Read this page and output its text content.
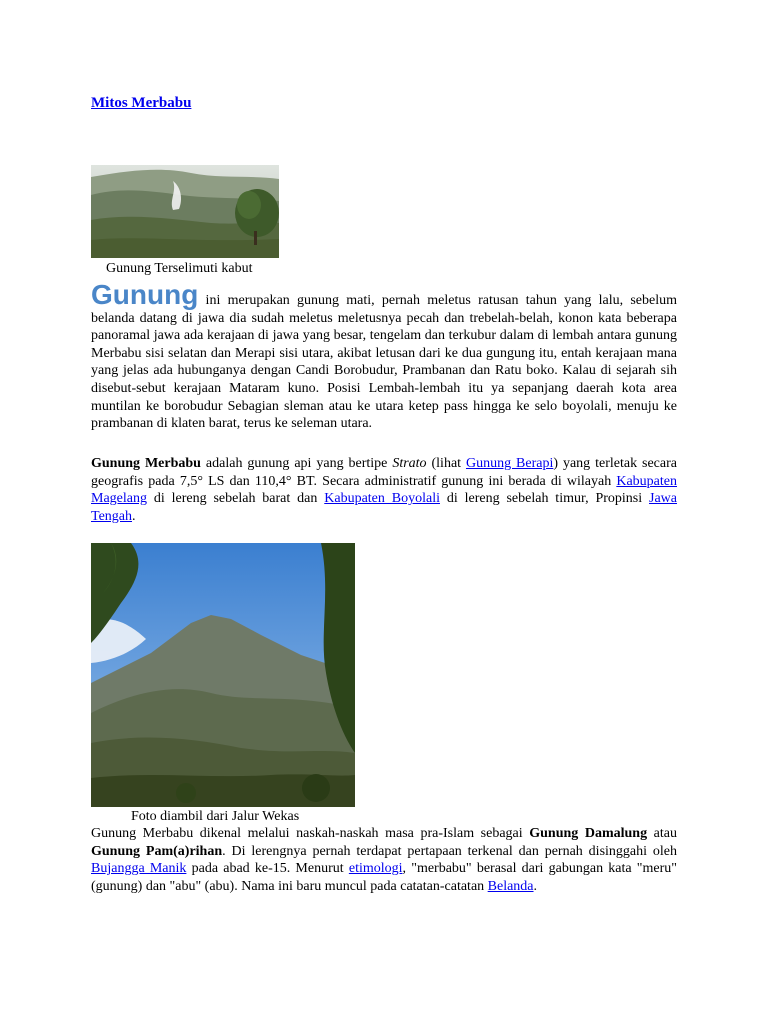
Mitos Merbabu
Gunung Terselimuti kabut
Gunung ini merupakan gunung mati, pernah meletus ratusan tahun yang lalu, sebelum belanda datang di jawa dia sudah meletus meletusnya pecah dan trebelah-belah, konon kata beberapa panoramal jawa ada kerajaan di jawa yang besar, tengelam dan terkubur dalam di lembah antara gunung Merbabu sisi selatan dan Merapi sisi utara, akibat letusan dari ke dua gungung itu, entah kerajaan mana yang jelas ada hubunganya dengan Candi Borobudur, Prambanan dan Ratu boko. Kalau di sejarah sih disebut-sebut kerajaan Mataram kuno. Posisi Lembah-lembah itu ya sepanjang daerah kota area muntilan ke borobudur Sebagian sleman atau ke utara ketep pass hingga ke selo boyolali, menuju ke prambanan di klaten barat, terus ke seleman utara.
Gunung Merbabu adalah gunung api yang bertipe Strato (lihat Gunung Berapi) yang terletak secara geografis pada 7,5° LS dan 110,4° BT. Secara administratif gunung ini berada di wilayah Kabupaten Magelang di lereng sebelah barat dan Kabupaten Boyolali di lereng sebelah timur, Propinsi Jawa Tengah.
Foto diambil dari Jalur Wekas
Gunung Merbabu dikenal melalui naskah-naskah masa pra-Islam sebagai Gunung Damalung atau Gunung Pam(a)rihan. Di lerengnya pernah terdapat pertapaan terkenal dan pernah disinggahi oleh Bujangga Manik pada abad ke-15. Menurut etimologi, "merbabu" berasal dari gabungan kata "meru" (gunung) dan "abu" (abu). Nama ini baru muncul pada catatan-catatan Belanda.
